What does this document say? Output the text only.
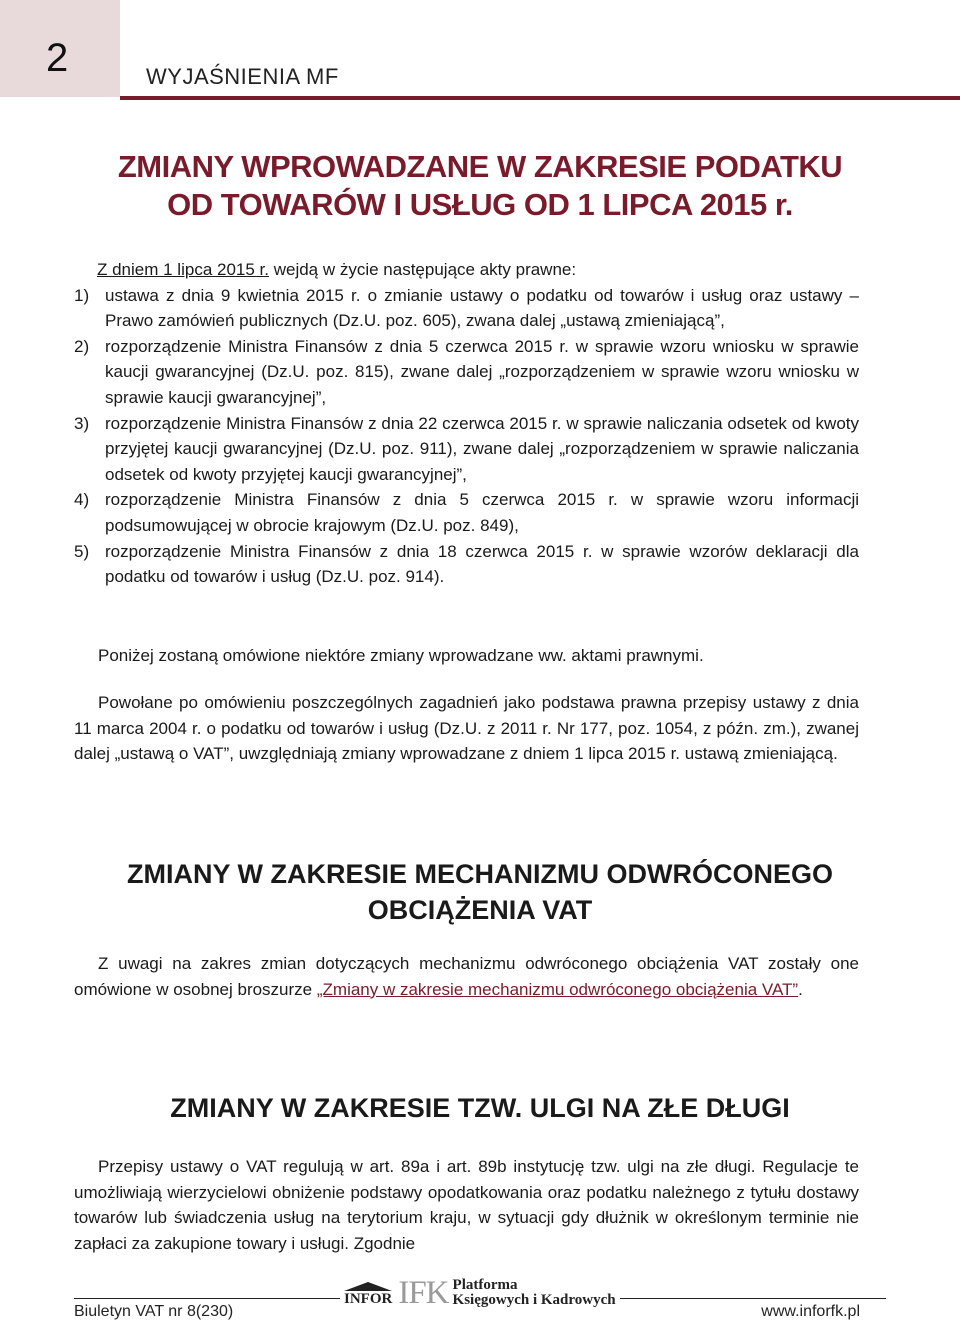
2	WYJAŚNIENIA MF
ZMIANY WPROWADZANE W ZAKRESIE PODATKU
OD TOWARÓW I USŁUG OD 1 LIPCA 2015 r.

Z dniem 1 lipca 2015 r. wejdą w życie następujące akty prawne:

1) ustawa z dnia 9 kwietnia 2015 r. o zmianie ustawy o podatku od towarów i usług oraz ustawy – Prawo zamówień publicznych (Dz.U. poz. 605), zwana dalej „ustawą zmieniającą”,
2) rozporządzenie Ministra Finansów z dnia 5 czerwca 2015 r. w sprawie wzoru wniosku w sprawie kaucji gwarancyjnej (Dz.U. poz. 815), zwane dalej „rozporządzeniem w sprawie wzoru wniosku w sprawie kaucji gwarancyjnej”,
3) rozporządzenie Ministra Finansów z dnia 22 czerwca 2015 r. w sprawie naliczania odsetek od kwoty przyjętej kaucji gwarancyjnej (Dz.U. poz. 911), zwane dalej „rozporządzeniem w sprawie naliczania odsetek od kwoty przyjętej kaucji gwarancyjnej”,
4) rozporządzenie Ministra Finansów z dnia 5 czerwca 2015 r. w sprawie wzoru informacji podsumowującej w obrocie krajowym (Dz.U. poz. 849),
5) rozporządzenie Ministra Finansów z dnia 18 czerwca 2015 r. w sprawie wzorów deklaracji dla podatku od towarów i usług (Dz.U. poz. 914).

Poniżej zostaną omówione niektóre zmiany wprowadzane ww. aktami prawnymi.

Powołane po omówieniu poszczególnych zagadnień jako podstawa prawna przepisy ustawy z dnia 11 marca 2004 r. o podatku od towarów i usług (Dz.U. z 2011 r. Nr 177, poz. 1054, z późn. zm.), zwanej dalej „ustawą o VAT”, uwzględniają zmiany wprowadzane z dniem 1 lipca 2015 r. ustawą zmieniającą.

ZMIANY W ZAKRESIE MECHANIZMU ODWRÓCONEGO
OBCIĄŻENIA VAT

Z uwagi na zakres zmian dotyczących mechanizmu odwróconego obciążenia VAT zostały one omówione w osobnej broszurze „Zmiany w zakresie mechanizmu odwróconego obciążenia VAT”.

ZMIANY W ZAKRESIE TZW. ULGI NA ZŁE DŁUGI

Przepisy ustawy o VAT regulują w art. 89a i art. 89b instytucję tzw. ulgi na złe długi. Regulacje te umożliwiają wierzycielowi obniżenie podstawy opodatkowania oraz podatku należnego z tytułu dostawy towarów lub świadczenia usług na terytorium kraju, w sytuacji gdy dłużnik w określonym terminie nie zapłaci za zakupione towary i usługi. Zgodnie

INFOR IFK Platforma
Księgowych i Kadrowych
Biuletyn VAT nr 8(230)	www.inforfk.pl
